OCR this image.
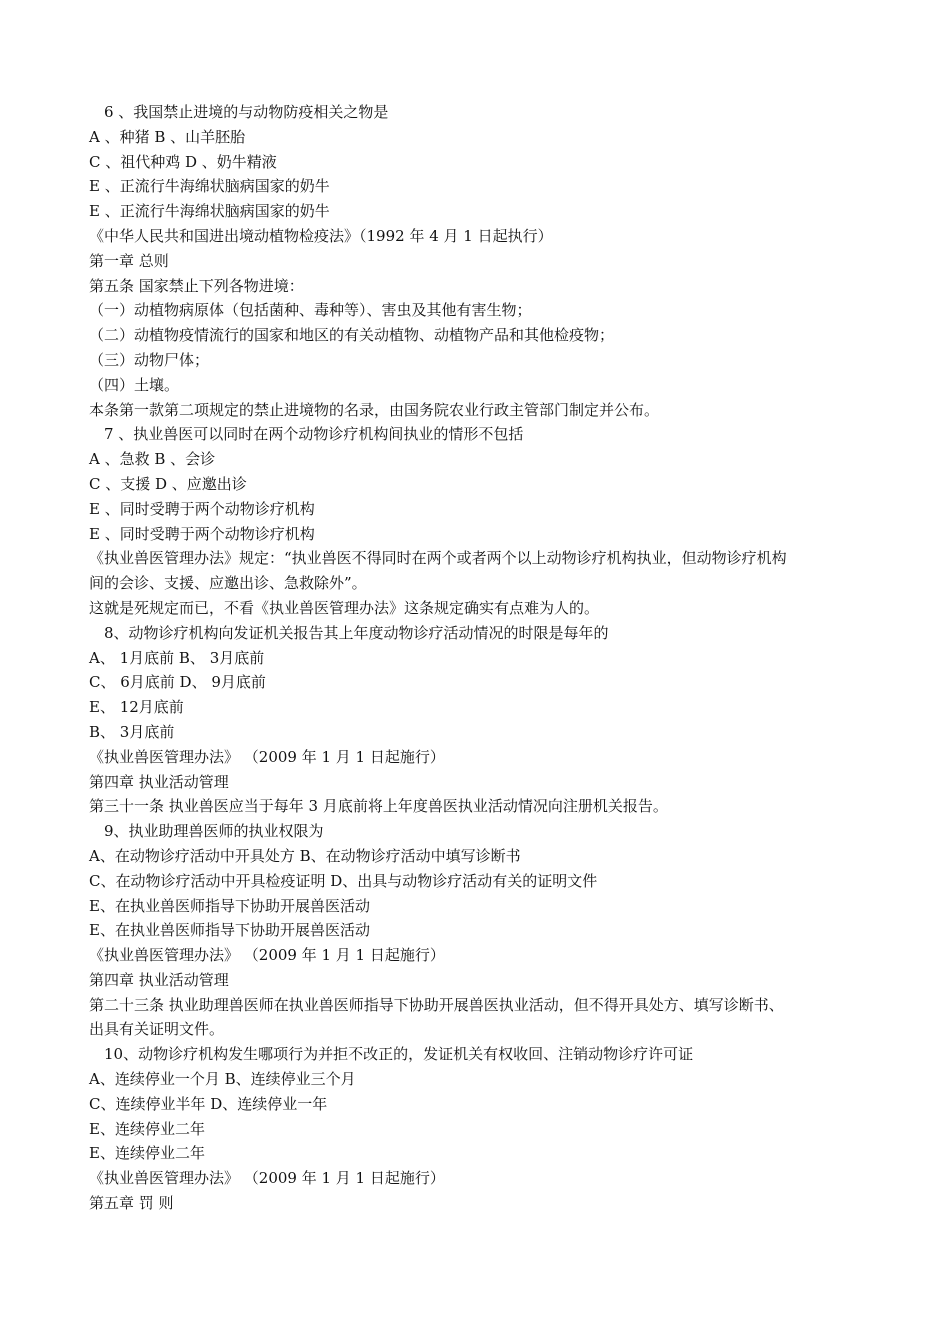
6 、我国禁止进境的与动物防疫相关之物是
A 、种猪 B 、山羊胚胎
C 、祖代种鸡 D 、奶牛精液
E 、正流行牛海绵状脑病国家的奶牛
E 、正流行牛海绵状脑病国家的奶牛
《中华人民共和国进出境动植物检疫法》（1992 年 4 月 1 日起执行）
第一章 总则
第五条 国家禁止下列各物进境：
（一）动植物病原体（包括菌种、毒种等）、害虫及其他有害生物；
（二）动植物疫情流行的国家和地区的有关动植物、动植物产品和其他检疫物；
（三）动物尸体；
（四）土壤。
本条第一款第二项规定的禁止进境物的名录，由国务院农业行政主管部门制定并公布。
7 、执业兽医可以同时在两个动物诊疗机构间执业的情形不包括
A 、急救 B 、会诊
C 、支援 D 、应邀出诊
E 、同时受聘于两个动物诊疗机构
E 、同时受聘于两个动物诊疗机构
《执业兽医管理办法》规定：“执业兽医不得同时在两个或者两个以上动物诊疗机构执业，但动物诊疗机构
间的会诊、支援、应邀出诊、急救除外”。
这就是死规定而已，不看《执业兽医管理办法》这条规定确实有点难为人的。
8、动物诊疗机构向发证机关报告其上年度动物诊疗活动情况的时限是每年的
A、 1月底前 B、 3月底前
C、 6月底前 D、 9月底前
E、 12月底前
B、 3月底前
《执业兽医管理办法》 （2009 年 1 月 1 日起施行）
第四章 执业活动管理
第三十一条 执业兽医应当于每年 3 月底前将上年度兽医执业活动情况向注册机关报告。
9、执业助理兽医师的执业权限为
A、在动物诊疗活动中开具处方 B、在动物诊疗活动中填写诊断书
C、在动物诊疗活动中开具检疫证明 D、出具与动物诊疗活动有关的证明文件
E、在执业兽医师指导下协助开展兽医活动
E、在执业兽医师指导下协助开展兽医活动
《执业兽医管理办法》 （2009 年 1 月 1 日起施行）
第四章 执业活动管理
第二十三条 执业助理兽医师在执业兽医师指导下协助开展兽医执业活动，但不得开具处方、填写诊断书、
出具有关证明文件。
10、动物诊疗机构发生哪项行为并拒不改正的，发证机关有权收回、注销动物诊疗许可证
A、连续停业一个月 B、连续停业三个月
C、连续停业半年 D、连续停业一年
E、连续停业二年
E、连续停业二年
《执业兽医管理办法》 （2009 年 1 月 1 日起施行）
第五章 罚 则
